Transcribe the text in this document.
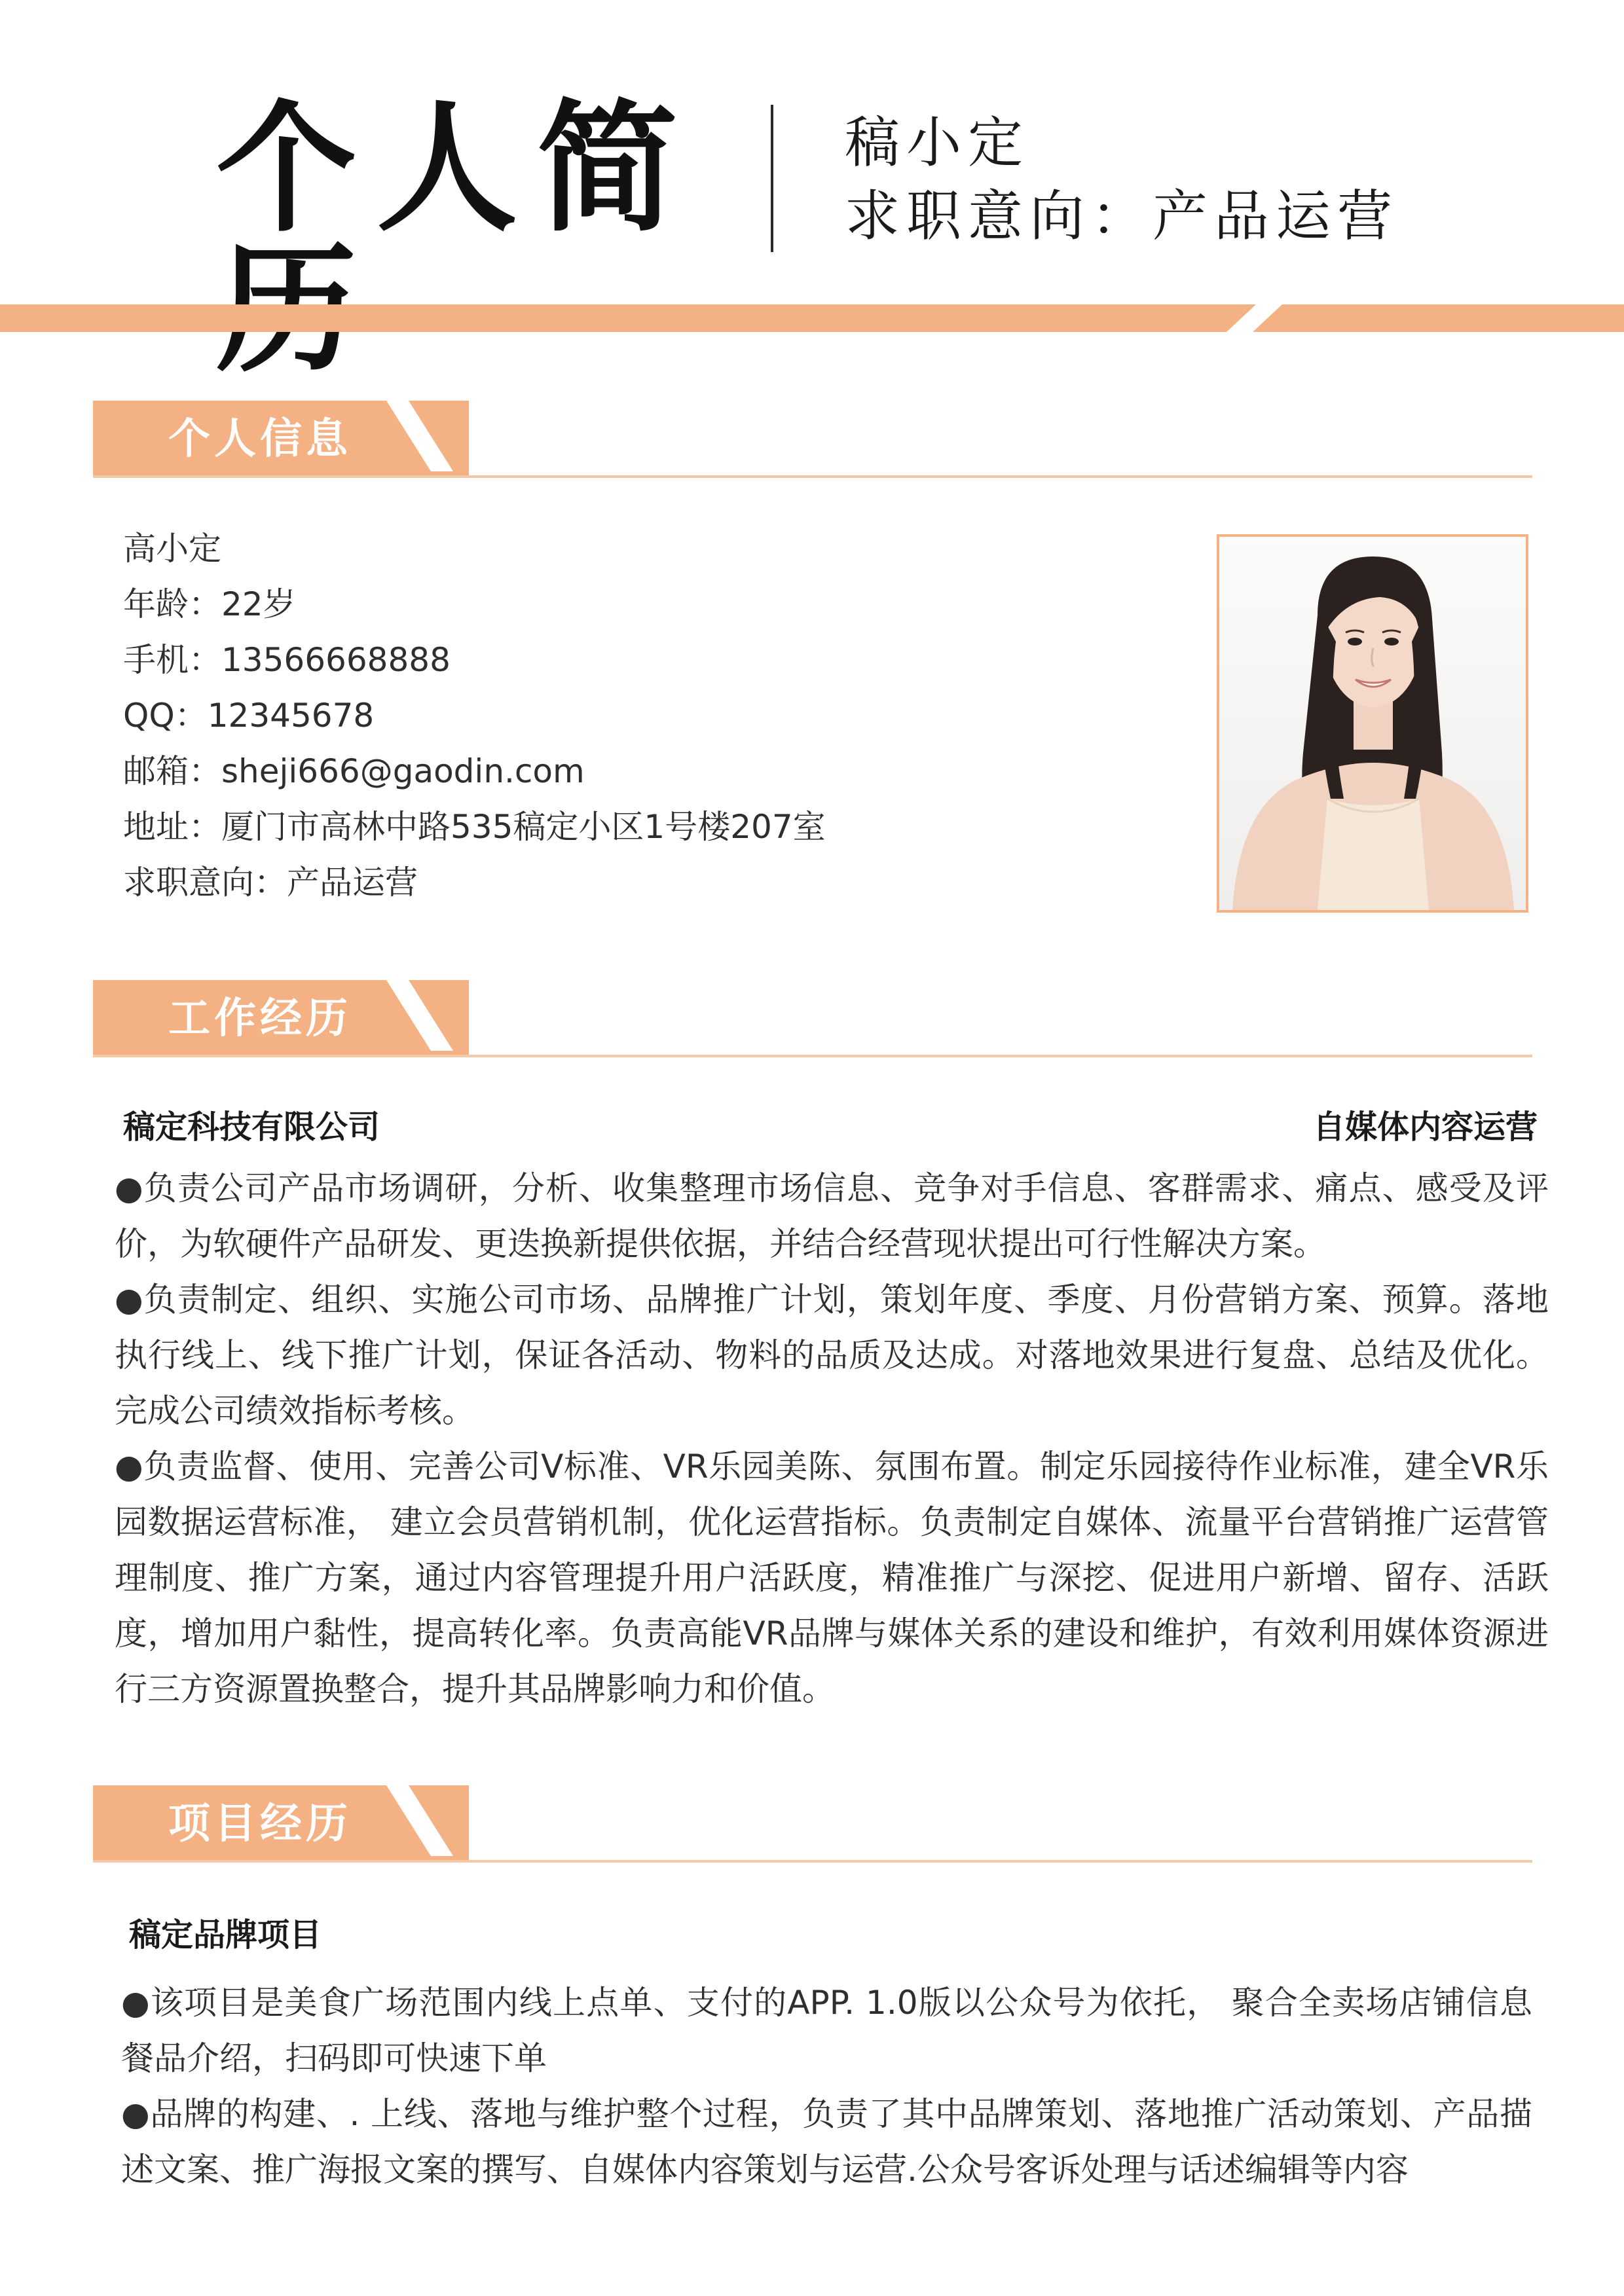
个人简	稿小定
求职意向：产品运营
个人信息
高小定
年龄：22岁
手机：13566668888
QQ：12345678
邮箱：sheji666@gaodin.com
地址：厦门市高林中路535稿定小区1号楼207室
求职意向：产品运营
工作经历
稿定科技有限公司	自媒体内容运营
●负责公司产品市场调研，分析、收集整理市场信息、竞争对手信息、客群需求、痛点、感受及评价，为软硬件产品研发、更迭换新提供依据，并结合经营现状提出可行性解决方案。
●负责制定、组织、实施公司市场、品牌推广计划，策划年度、季度、月份营销方案、预算。落地执行线上、线下推广计划，保证各活动、物料的品质及达成。对落地效果进行复盘、总结及优化。完成公司绩效指标考核。
●负责监督、使用、完善公司V标准、VR乐园美陈、氛围布置。制定乐园接待作业标准，建全VR乐园数据运营标准， 建立会员营销机制，优化运营指标。负责制定自媒体、流量平台营销推广运营管理制度、推广方案，通过内容管理提升用户活跃度，精准推广与深挖、促进用户新增、留存、活跃度，增加用户黏性，提高转化率。负责高能VR品牌与媒体关系的建设和维护，有效利用媒体资源进行三方资源置换整合，提升其品牌影响力和价值。
项目经历
稿定品牌项目
●该项目是美食广场范围内线上点单、支付的APP. 1.0版以公众号为依托， 聚合全卖场店铺信息餐品介绍，扫码即可快速下单
●品牌的构建、. 上线、落地与维护整个过程，负责了其中品牌策划、落地推广活动策划、产品描述文案、推广海报文案的撰写、自媒体内容策划与运营.公众号客诉处理与话述编辑等内容
